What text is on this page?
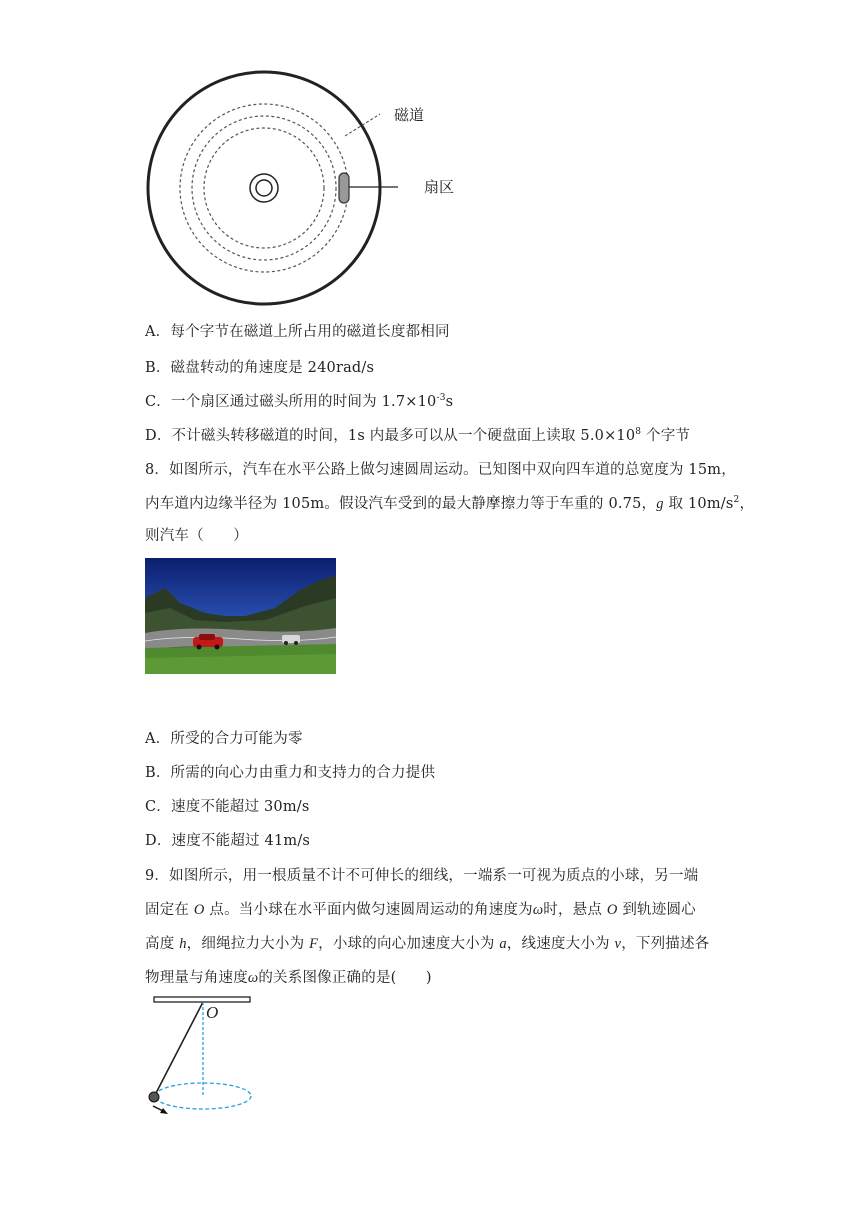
磁道
扇区
A．每个字节在磁道上所占用的磁道长度都相同
B．磁盘转动的角速度是 240rad/s
C．一个扇区通过磁头所用的时间为 $1.7\times 10^{-3}s$
D．不计磁头转移磁道的时间，1s 内最多可以从一个硬盘面上读取 $5.0\times 10^8$ 个字节
8．如图所示，汽车在水平公路上做匀速圆周运动。已知图中双向四车道的总宽度为 15m，
内车道内边缘半径为 105m。假设汽车受到的最大静摩擦力等于车重的 0.75，g 取 $10m/s^2$，
则汽车（　　）
A．所受的合力可能为零
B．所需的向心力由重力和支持力的合力提供
C．速度不能超过 30m/s
D．速度不能超过 41m/s
9．如图所示，用一根质量不计不可伸长的细线，一端系一可视为质点的小球，另一端
固定在 O 点。当小球在水平面内做匀速圆周运动的角速度为ω时，悬点 O 到轨迹圆心
高度 h，细绳拉力大小为 F，小球的向心加速度大小为 a，线速度大小为 v，下列描述各
物理量与角速度ω的关系图像正确的是(　　)
O
